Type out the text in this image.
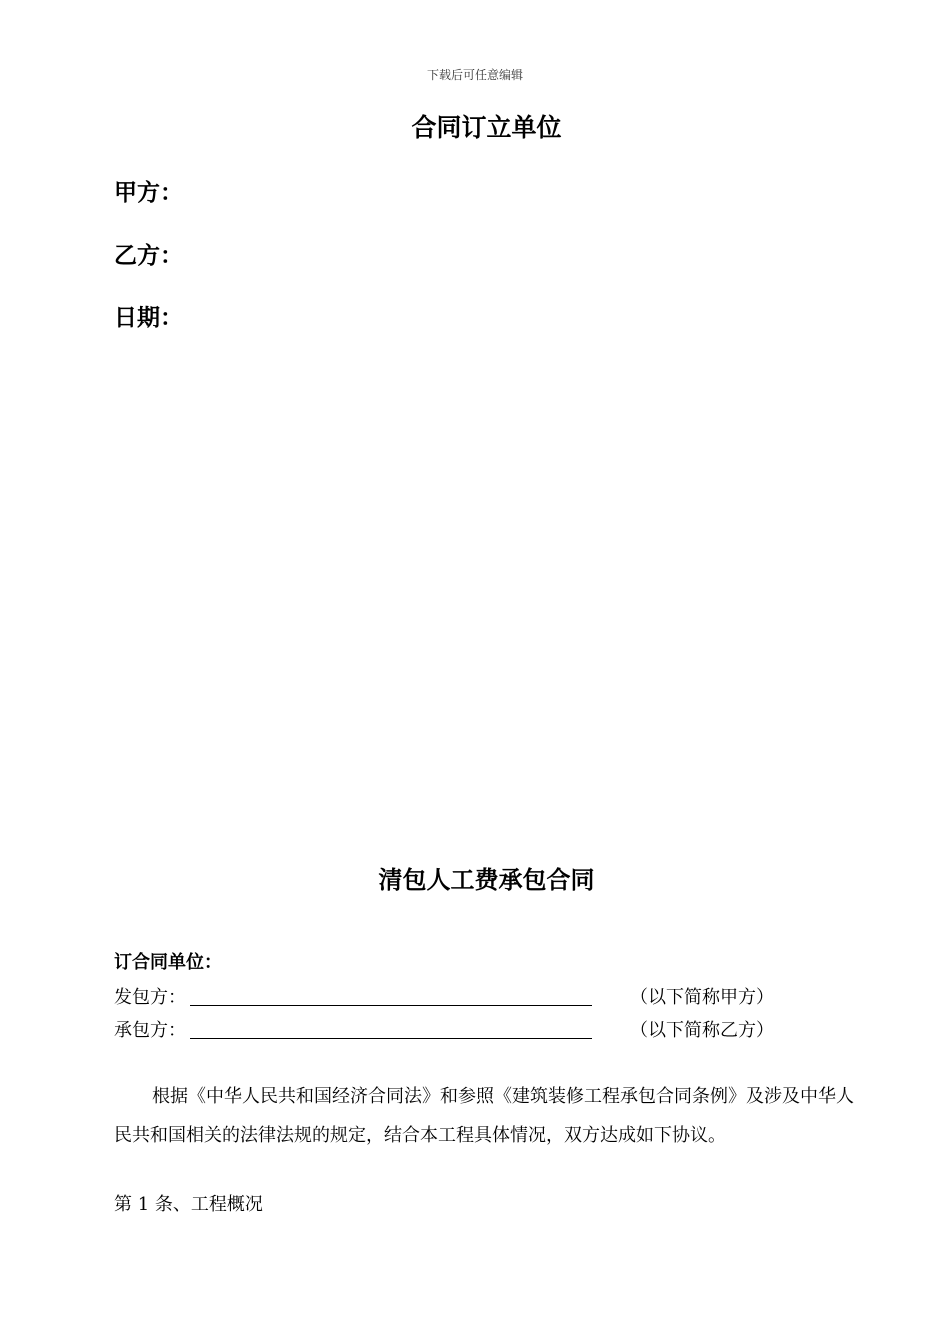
下载后可任意编辑
合同订立单位
甲方：
乙方：
日期：
清包人工费承包合同
订合同单位：
发包方：	（以下简称甲方）
承包方：	（以下简称乙方）
根据《中华人民共和国经济合同法》和参照《建筑装修工程承包合同条例》及涉及中华人民共和国相关的法律法规的规定，结合本工程具体情况，双方达成如下协议。
第 1 条、工程概况
